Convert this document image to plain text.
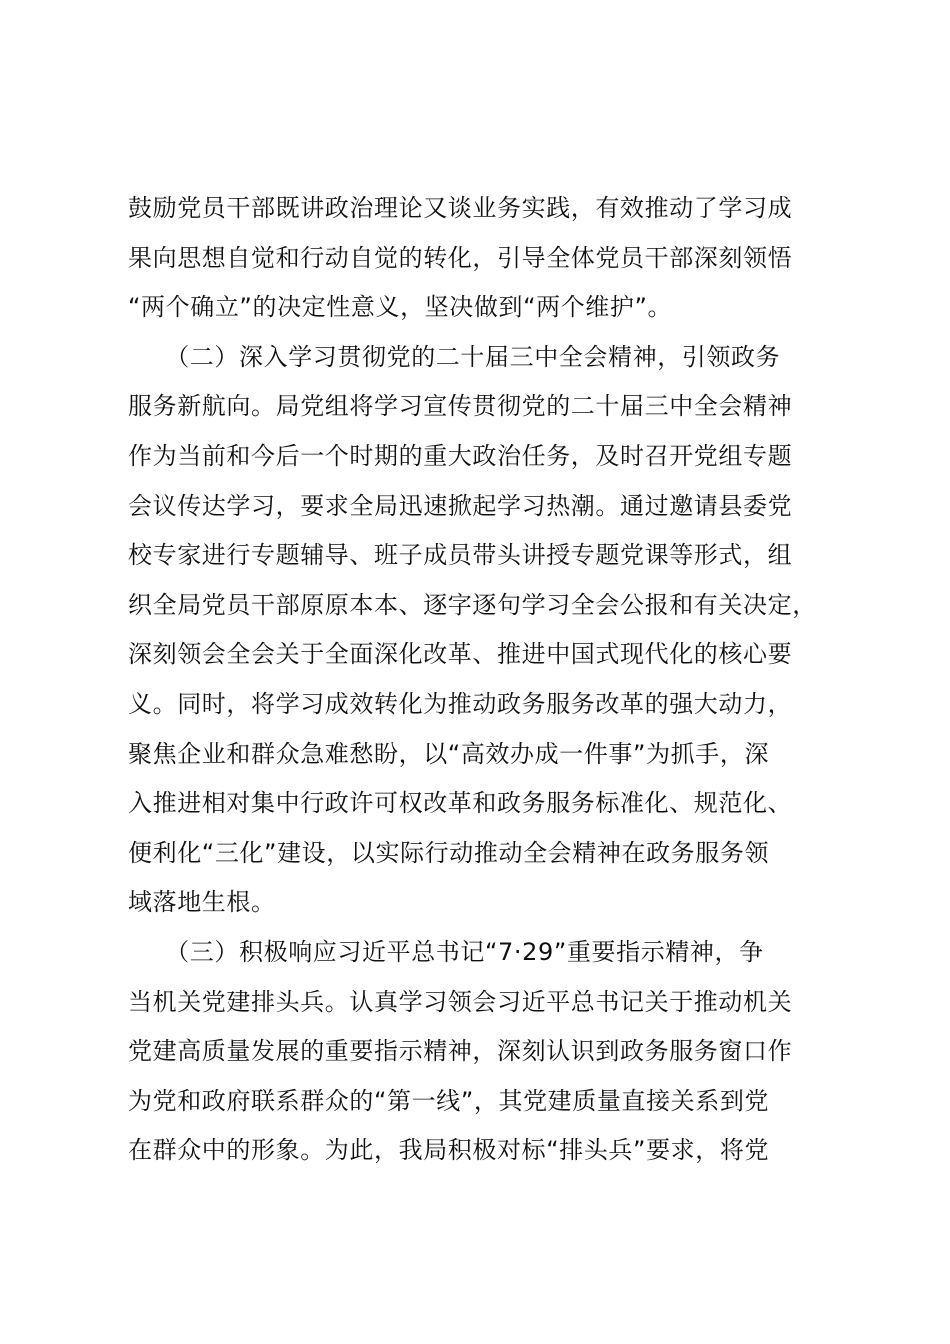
鼓励党员干部既讲政治理论又谈业务实践，有效推动了学习成
果向思想自觉和行动自觉的转化，引导全体党员干部深刻领悟
“两个确立”的决定性意义，坚决做到“两个维护”。
　　（二）深入学习贯彻党的二十届三中全会精神，引领政务
服务新航向。局党组将学习宣传贯彻党的二十届三中全会精神
作为当前和今后一个时期的重大政治任务，及时召开党组专题
会议传达学习，要求全局迅速掀起学习热潮。通过邀请县委党
校专家进行专题辅导、班子成员带头讲授专题党课等形式，组
织全局党员干部原原本本、逐字逐句学习全会公报和有关决定，
深刻领会全会关于全面深化改革、推进中国式现代化的核心要
义。同时，将学习成效转化为推动政务服务改革的强大动力，
聚焦企业和群众急难愁盼，以“高效办成一件事”为抓手，深
入推进相对集中行政许可权改革和政务服务标准化、规范化、
便利化“三化”建设，以实际行动推动全会精神在政务服务领
域落地生根。
　　（三）积极响应习近平总书记“7·29”重要指示精神，争
当机关党建排头兵。认真学习领会习近平总书记关于推动机关
党建高质量发展的重要指示精神，深刻认识到政务服务窗口作
为党和政府联系群众的“第一线”，其党建质量直接关系到党
在群众中的形象。为此，我局积极对标“排头兵”要求，将党
